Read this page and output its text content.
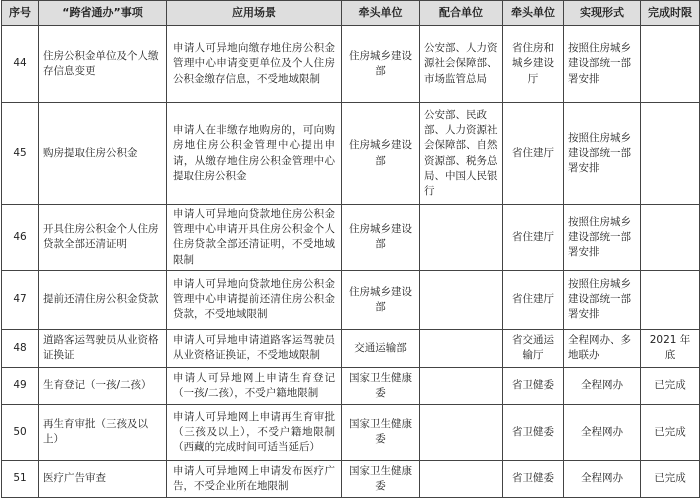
序号	“跨省通办”事项	应用场景	牵头单位	配合单位	牵头单位	实现形式	完成时限
44	住房公积金单位及个人缴存信息变更	申请人可异地向缴存地住房公积金管理中心申请变更单位及个人住房公积金缴存信息，不受地域限制	住房城乡建设部	公安部、人力资源社会保障部、市场监管总局	省住房和城乡建设厅	按照住房城乡建设部统一部署安排	
45	购房提取住房公积金	申请人在非缴存地购房的，可向购房地住房公积金管理中心提出申请，从缴存地住房公积金管理中心提取住房公积金	住房城乡建设部	公安部、民政部、人力资源社会保障部、自然资源部、税务总局、中国人民银行	省住建厅	按照住房城乡建设部统一部署安排	
46	开具住房公积金个人住房贷款全部还清证明	申请人可异地向贷款地住房公积金管理中心申请开具住房公积金个人住房贷款全部还清证明，不受地域限制	住房城乡建设部		省住建厅	按照住房城乡建设部统一部署安排	
47	提前还清住房公积金贷款	申请人可异地向贷款地住房公积金管理中心申请提前还清住房公积金贷款，不受地域限制	住房城乡建设部		省住建厅	按照住房城乡建设部统一部署安排	
48	道路客运驾驶员从业资格证换证	申请人可异地申请道路客运驾驶员从业资格证换证，不受地域限制	交通运输部		省交通运输厅	全程网办、多地联办	2021 年底
49	生育登记（一孩/二孩）	申请人可异地网上申请生育登记（一孩/二孩），不受户籍地限制	国家卫生健康委		省卫健委	全程网办	已完成
50	再生育审批（三孩及以上）	申请人可异地网上申请再生育审批（三孩及以上），不受户籍地限制（西藏的完成时间可适当延后）	国家卫生健康委		省卫健委	全程网办	已完成
51	医疗广告审查	申请人可异地网上申请发布医疗广告，不受企业所在地限制	国家卫生健康委		省卫健委	全程网办	已完成
